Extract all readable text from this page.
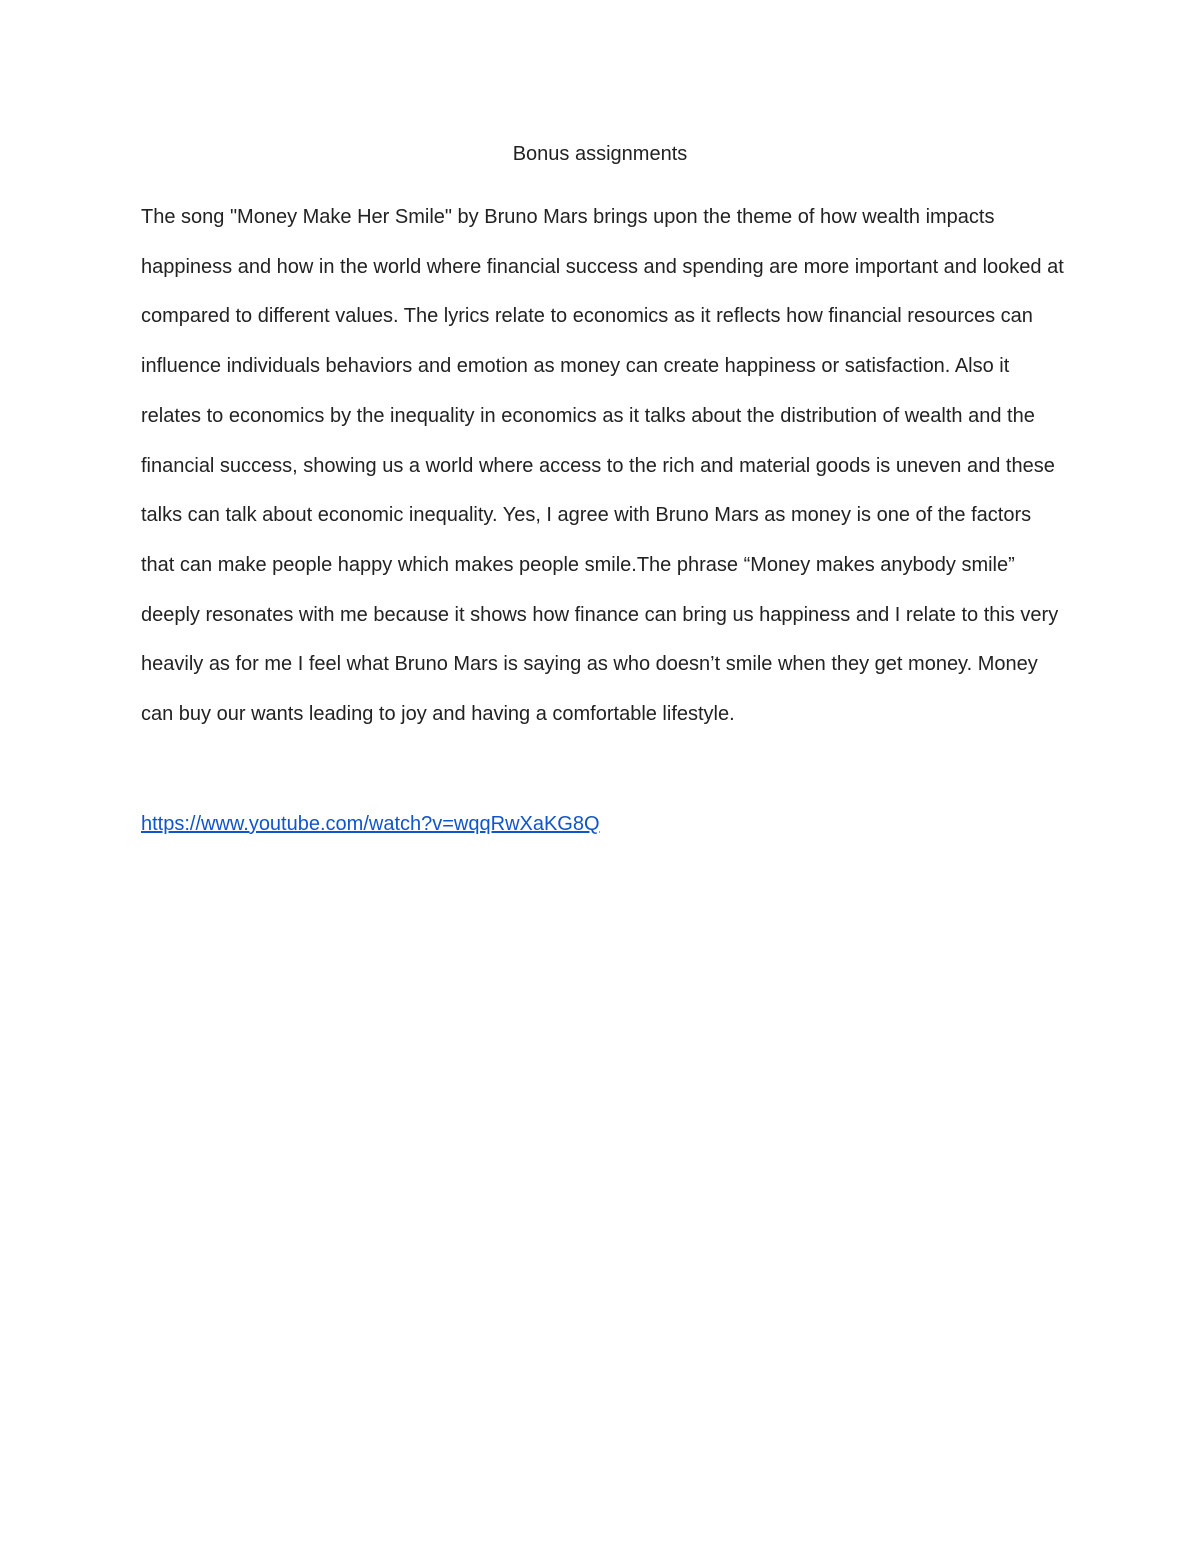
Bonus assignments

The song "Money Make Her Smile" by Bruno Mars brings upon the theme of how wealth impacts happiness and how in the world where financial success and spending are more important and looked at compared to different values. The lyrics relate to economics as it reflects how financial resources can influence individuals behaviors and emotion as money can create happiness or satisfaction. Also it relates to economics by the inequality in economics as it talks about the distribution of wealth and the financial success, showing us a world where access to the rich and material goods is uneven and these talks can talk about economic inequality. Yes, I agree with Bruno Mars as money is one of the factors that can make people happy which makes people smile.The phrase “Money makes anybody smile” deeply resonates with me because it shows how finance can bring us happiness and I relate to this very heavily as for me I feel what Bruno Mars is saying as who doesn’t smile when they get money. Money can buy our wants leading to joy and having a comfortable lifestyle.

https://www.youtube.com/watch?v=wqqRwXaKG8Q
